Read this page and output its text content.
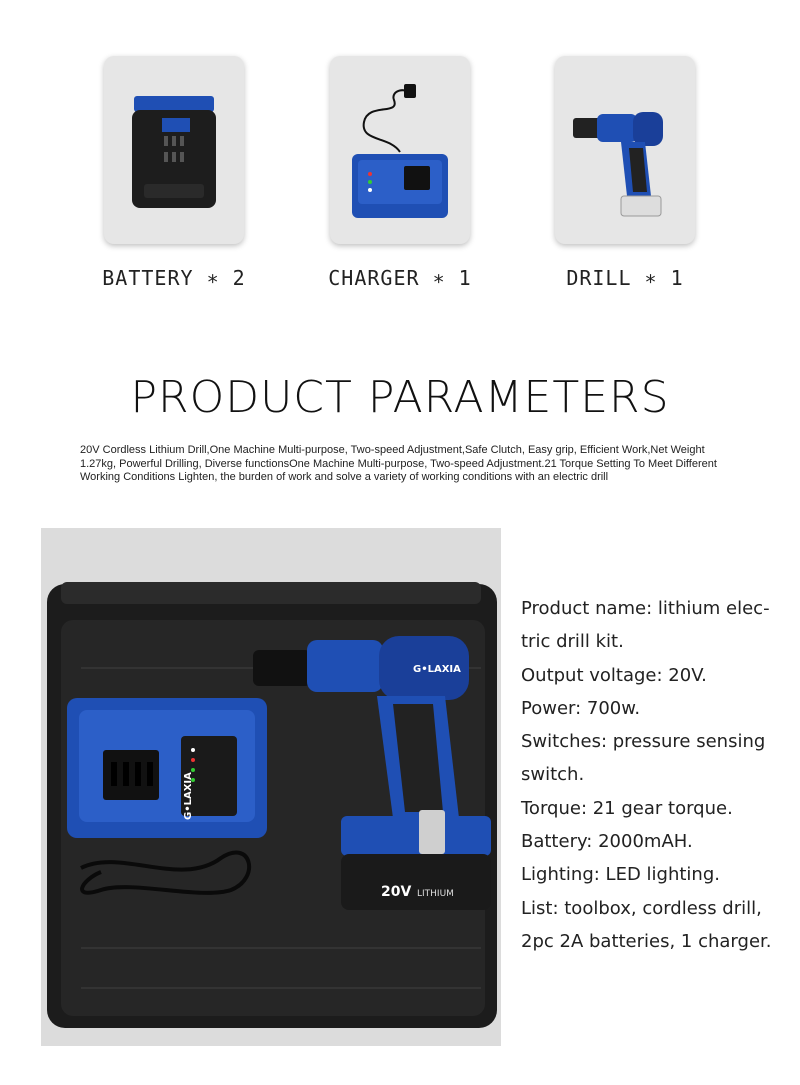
BATTERY ∗ 2	CHARGER ∗ 1	DRILL ∗ 1
PRODUCT PARAMETERS
20V Cordless Lithium Drill,One Machine Multi-purpose, Two-speed Adjustment,Safe Clutch, Easy grip, Efficient Work,Net Weight 1.27kg, Powerful Drilling, Diverse functionsOne Machine Multi-purpose, Two-speed Adjustment.21 Torque Setting To Meet Different Working Conditions Lighten, the burden of work and solve a variety of working conditions with an electric drill
G•LAXIA
G•LAXIA
20V LITHIUM

Product name: lithium elec-

tric drill kit.

Output voltage: 20V.

Power: 700w.

Switches: pressure sensing

switch.

Torque: 21 gear torque.

Battery: 2000mAH.

Lighting: LED lighting.

List: toolbox, cordless drill,

2pc 2A batteries, 1 charger.
